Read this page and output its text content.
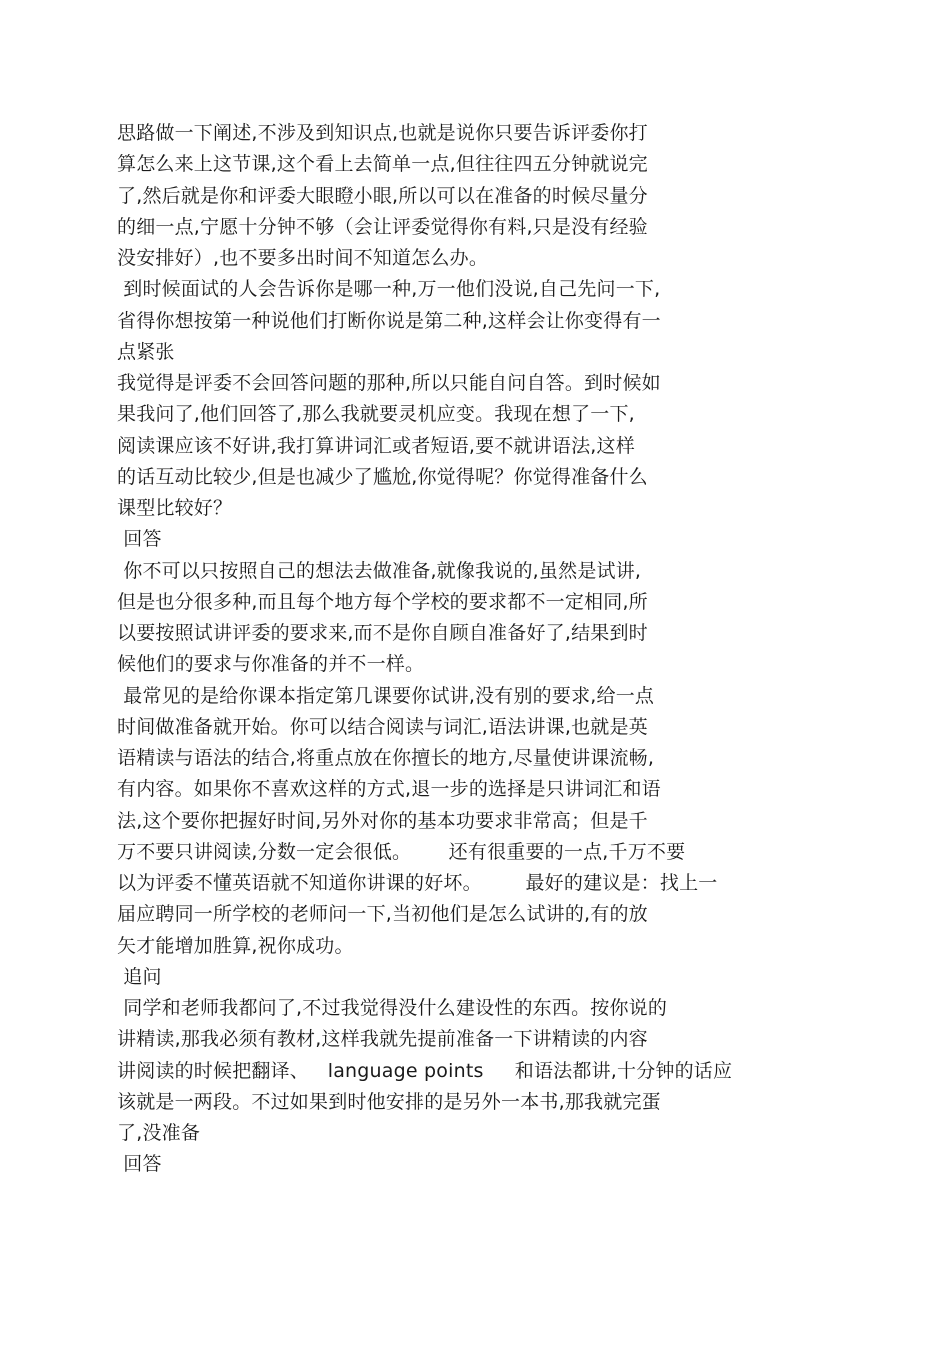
思路做一下阐述,不涉及到知识点,也就是说你只要告诉评委你打
算怎么来上这节课,这个看上去简单一点,但往往四五分钟就说完
了,然后就是你和评委大眼瞪小眼,所以可以在准备的时候尽量分
的细一点,宁愿十分钟不够（会让评委觉得你有料,只是没有经验
没安排好）,也不要多出时间不知道怎么办。
到时候面试的人会告诉你是哪一种,万一他们没说,自己先问一下,
省得你想按第一种说他们打断你说是第二种,这样会让你变得有一
点紧张
我觉得是评委不会回答问题的那种,所以只能自问自答。到时候如
果我问了,他们回答了,那么我就要灵机应变。我现在想了一下,
阅读课应该不好讲,我打算讲词汇或者短语,要不就讲语法,这样
的话互动比较少,但是也减少了尴尬,你觉得呢？你觉得准备什么
课型比较好？
回答
你不可以只按照自己的想法去做准备,就像我说的,虽然是试讲,
但是也分很多种,而且每个地方每个学校的要求都不一定相同,所
以要按照试讲评委的要求来,而不是你自顾自准备好了,结果到时
候他们的要求与你准备的并不一样。
最常见的是给你课本指定第几课要你试讲,没有别的要求,给一点
时间做准备就开始。你可以结合阅读与词汇,语法讲课,也就是英
语精读与语法的结合,将重点放在你擅长的地方,尽量使讲课流畅,
有内容。如果你不喜欢这样的方式,退一步的选择是只讲词汇和语
法,这个要你把握好时间,另外对你的基本功要求非常高；但是千
万不要只讲阅读,分数一定会很低。      还有很重要的一点,千万不要
以为评委不懂英语就不知道你讲课的好坏。       最好的建议是：找上一
届应聘同一所学校的老师问一下,当初他们是怎么试讲的,有的放
矢才能增加胜算,祝你成功。
追问
同学和老师我都问了,不过我觉得没什么建设性的东西。按你说的
讲精读,那我必须有教材,这样我就先提前准备一下讲精读的内容
讲阅读的时候把翻译、   language points     和语法都讲,十分钟的话应
该就是一两段。不过如果到时他安排的是另外一本书,那我就完蛋
了,没准备
回答
